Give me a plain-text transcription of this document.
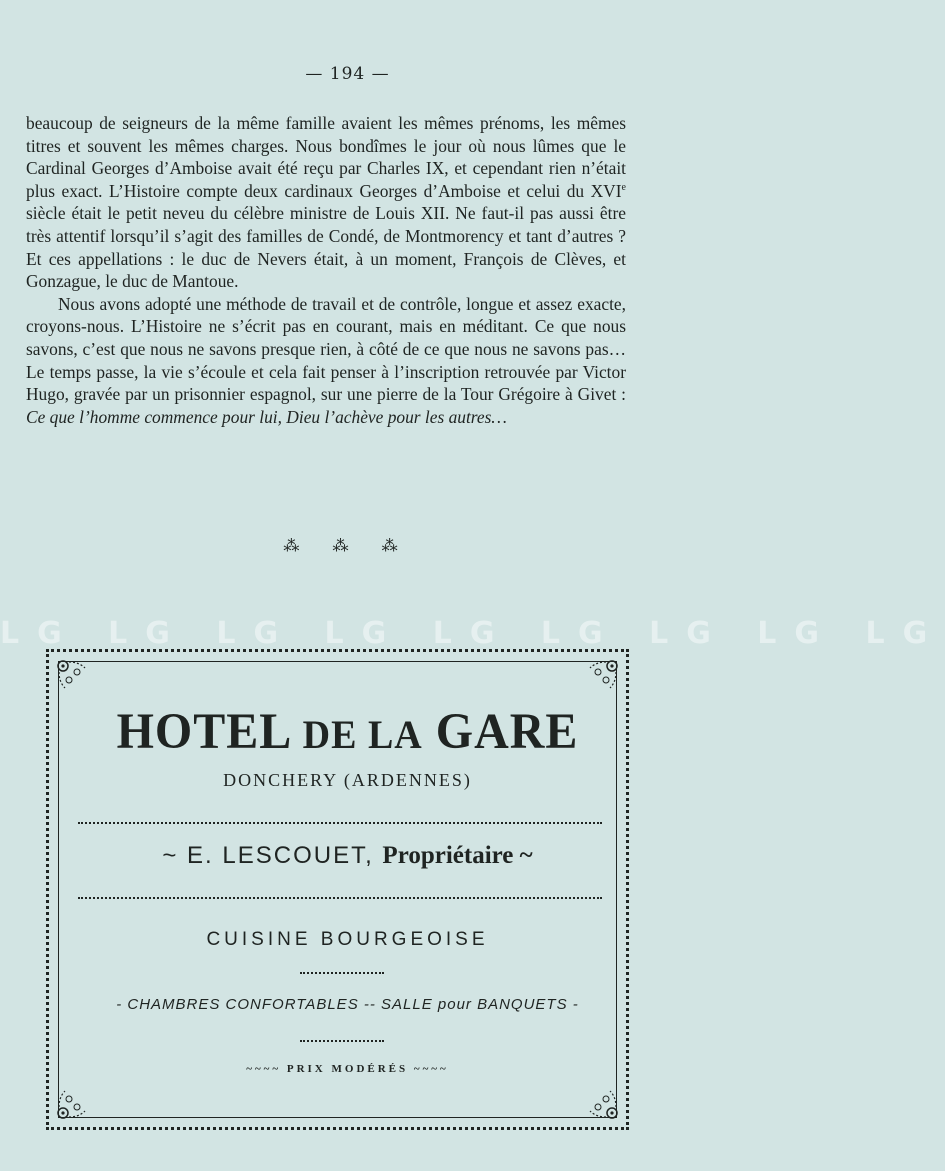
— 194 —

beaucoup de seigneurs de la même famille avaient les mêmes prénoms, les mêmes titres et souvent les mêmes charges. Nous bondîmes le jour où nous lûmes que le Cardinal Georges d’Amboise avait été reçu par Charles IX, et cependant rien n’était plus exact. L’Histoire compte deux cardinaux Georges d’Amboise et celui du XVIe siècle était le petit neveu du célèbre ministre de Louis XII. Ne faut-il pas aussi être très attentif lorsqu’il s’agit des familles de Condé, de Montmorency et tant d’autres ? Et ces appellations : le duc de Nevers était, à un moment, François de Clèves, et Gonzague, le duc de Mantoue.

Nous avons adopté une méthode de travail et de contrôle, longue et assez exacte, croyons-nous. L’Histoire ne s’écrit pas en courant, mais en méditant. Ce que nous savons, c’est que nous ne savons presque rien, à côté de ce que nous ne savons pas… Le temps passe, la vie s’écoule et cela fait penser à l’inscription retrouvée par Victor Hugo, gravée par un prisonnier espagnol, sur une pierre de la Tour Grégoire à Givet : Ce que l’homme commence pour lui, Dieu l’achève pour les autres…

⁂ ⁂ ⁂
LG LG LG LG LG LG LG LG LG
HOTEL DE LA GARE
DONCHERY (ARDENNES)
~ E. LESCOUET, Propriétaire ~
CUISINE BOURGEOISE
- CHAMBRES CONFORTABLES -- SALLE pour BANQUETS -
~~~~ PRIX MODÉRÉS ~~~~
